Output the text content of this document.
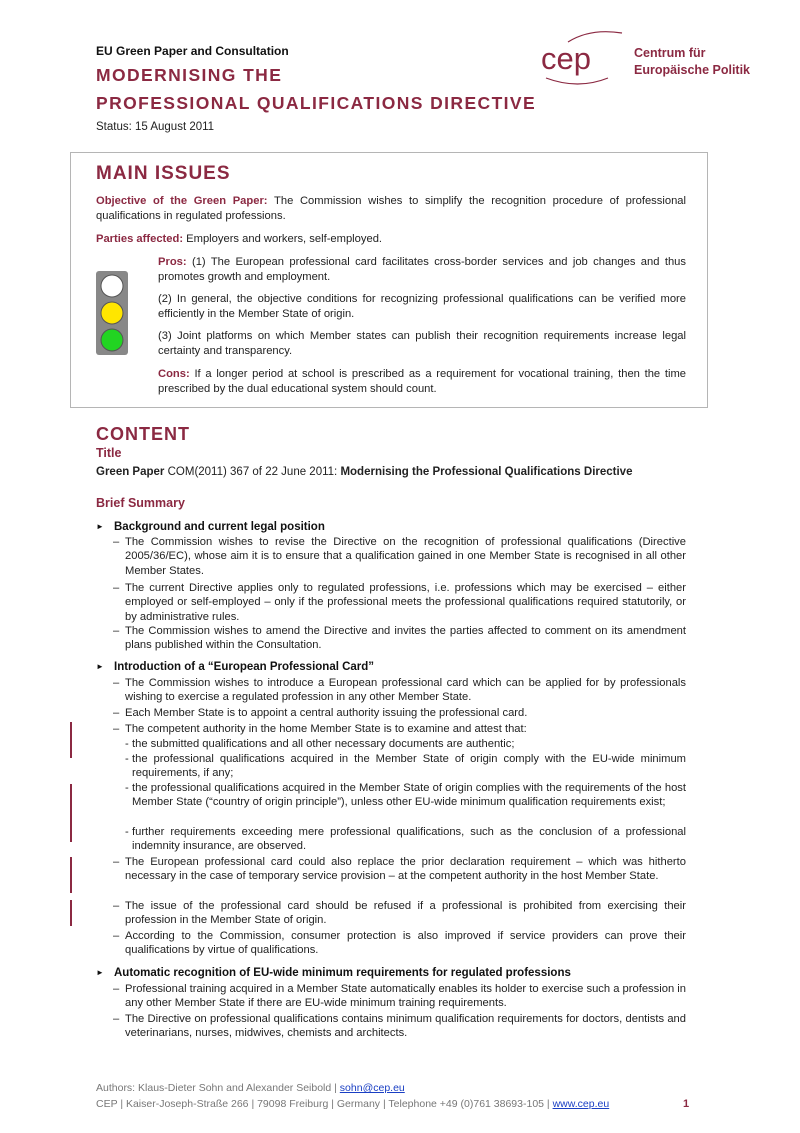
EU Green Paper and Consultation
MODERNISING THE
PROFESSIONAL QUALIFICATIONS DIRECTIVE
Status: 15 August 2011
cep	Centrum für
Europäische Politik
MAIN ISSUES
Objective of the Green Paper: The Commission wishes to simplify the recognition procedure of professional qualifications in regulated professions.
Parties affected: Employers and workers, self-employed.
Pros: (1) The European professional card facilitates cross-border services and job changes and thus promotes growth and employment.
(2) In general, the objective conditions for recognizing professional qualifications can be verified more efficiently in the Member State of origin.
(3) Joint platforms on which Member states can publish their recognition requirements increase legal certainty and transparency.
Cons: If a longer period at school is prescribed as a requirement for vocational training, then the time prescribed by the dual educational system should count.
CONTENT
Title
Green Paper COM(2011) 367 of 22 June 2011: Modernising the Professional Qualifications Directive
Brief Summary
► Background and current legal position
– The Commission wishes to revise the Directive on the recognition of professional qualifications (Directive 2005/36/EC), whose aim it is to ensure that a qualification gained in one Member State is recognised in all other Member States.
– The current Directive applies only to regulated professions, i.e. professions which may be exercised – either employed or self-employed – only if the professional meets the professional qualifications required statutorily, or by administrative rules.
– The Commission wishes to amend the Directive and invites the parties affected to comment on its amendment plans published within the Consultation.
► Introduction of a “European Professional Card”
– The Commission wishes to introduce a European professional card which can be applied for by professionals wishing to exercise a regulated profession in any other Member State.
– Each Member State is to appoint a central authority issuing the professional card.
– The competent authority in the home Member State is to examine and attest that:
- the submitted qualifications and all other necessary documents are authentic;
- the professional qualifications acquired in the Member State of origin comply with the EU-wide minimum requirements, if any;
- the professional qualifications acquired in the Member State of origin complies with the requirements of the host Member State (“country of origin principle”), unless other EU-wide minimum qualification requirements exist;
- further requirements exceeding mere professional qualifications, such as the conclusion of a professional indemnity insurance, are observed.
– The European professional card could also replace the prior declaration requirement – which was hitherto necessary in the case of temporary service provision – at the competent authority in the host Member State.
– The issue of the professional card should be refused if a professional is prohibited from exercising their profession in the Member State of origin.
– According to the Commission, consumer protection is also improved if service providers can prove their qualifications by virtue of qualifications.
► Automatic recognition of EU-wide minimum requirements for regulated professions
– Professional training acquired in a Member State automatically enables its holder to exercise such a profession in any other Member State if there are EU-wide minimum training requirements.
– The Directive on professional qualifications contains minimum qualification requirements for doctors, dentists and veterinarians, nurses, midwives, chemists and architects.
Authors: Klaus-Dieter Sohn and Alexander Seibold | sohn@cep.eu
CEP | Kaiser-Joseph-Straße 266 | 79098 Freiburg | Germany | Telephone +49 (0)761 38693-105 | www.cep.eu	1
